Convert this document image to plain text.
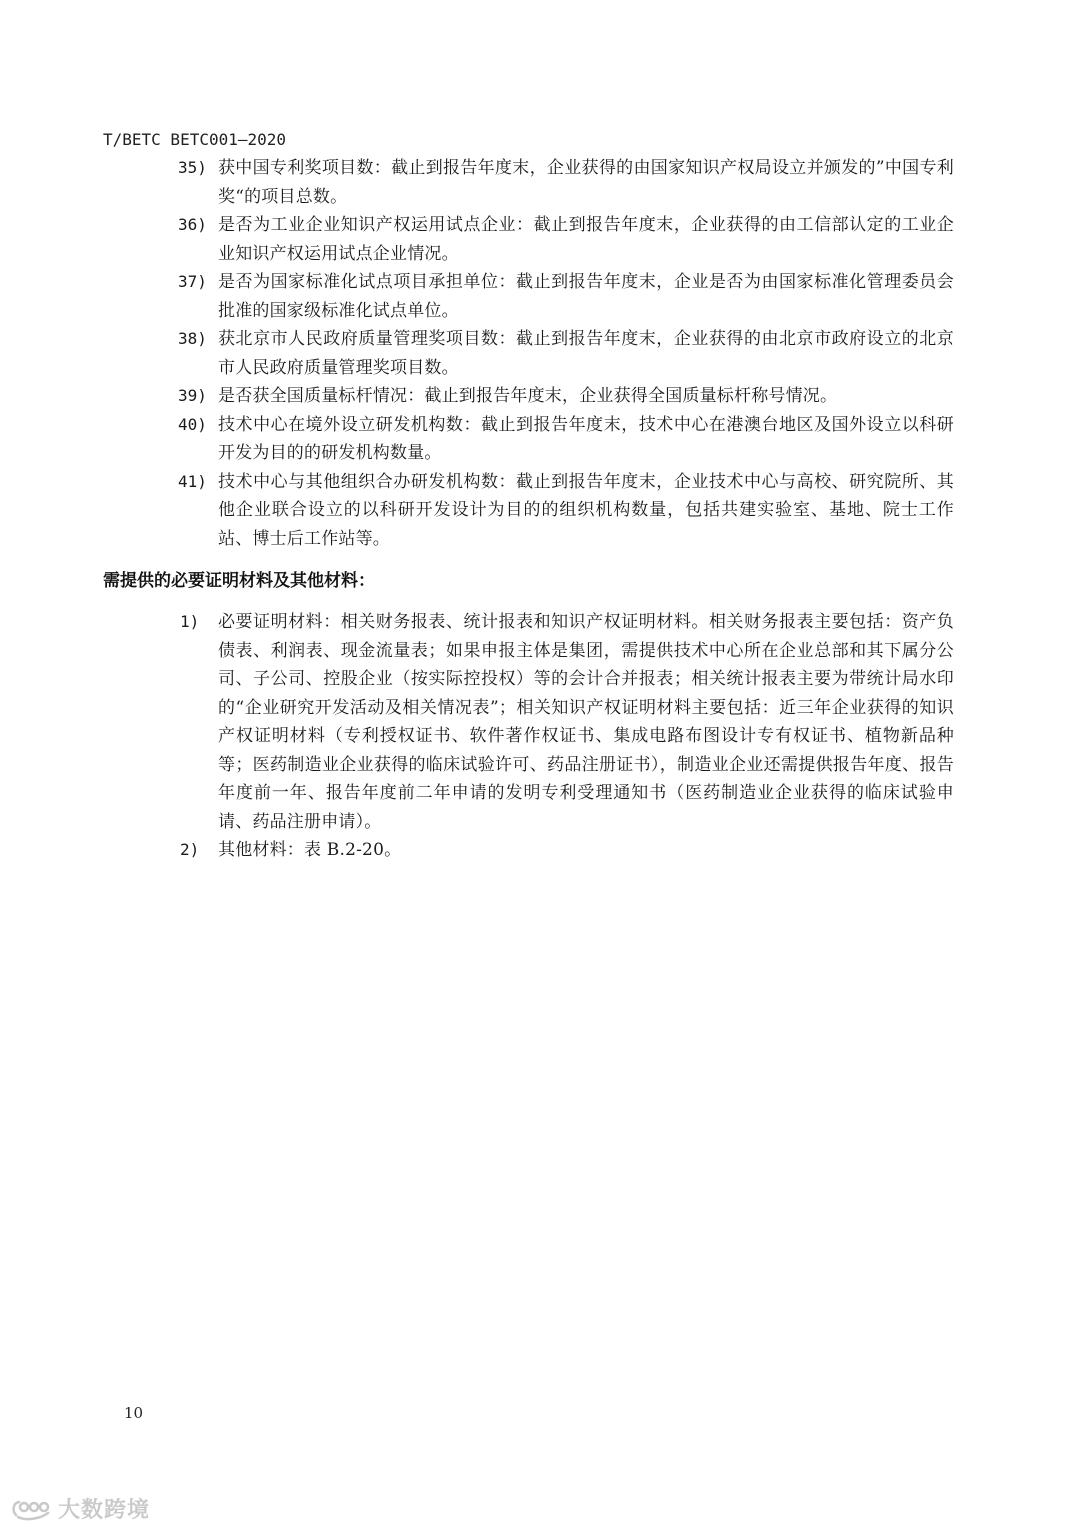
T/BETC BETC001—2020
35) 获中国专利奖项目数：截止到报告年度末，企业获得的由国家知识产权局设立并颁发的”中国专利奖“的项目总数。
36) 是否为工业企业知识产权运用试点企业：截止到报告年度末，企业获得的由工信部认定的工业企业知识产权运用试点企业情况。
37) 是否为国家标准化试点项目承担单位：截止到报告年度末，企业是否为由国家标准化管理委员会批准的国家级标准化试点单位。
38) 获北京市人民政府质量管理奖项目数：截止到报告年度末，企业获得的由北京市政府设立的北京市人民政府质量管理奖项目数。
39) 是否获全国质量标杆情况：截止到报告年度末，企业获得全国质量标杆称号情况。
40) 技术中心在境外设立研发机构数：截止到报告年度末，技术中心在港澳台地区及国外设立以科研开发为目的的研发机构数量。
41) 技术中心与其他组织合办研发机构数：截止到报告年度末，企业技术中心与高校、研究院所、其他企业联合设立的以科研开发设计为目的的组织机构数量，包括共建实验室、基地、院士工作站、博士后工作站等。
需提供的必要证明材料及其他材料：
1) 必要证明材料：相关财务报表、统计报表和知识产权证明材料。相关财务报表主要包括：资产负债表、利润表、现金流量表；如果申报主体是集团，需提供技术中心所在企业总部和其下属分公司、子公司、控股企业（按实际控投权）等的会计合并报表；相关统计报表主要为带统计局水印的“企业研究开发活动及相关情况表”；相关知识产权证明材料主要包括：近三年企业获得的知识产权证明材料（专利授权证书、软件著作权证书、集成电路布图设计专有权证书、植物新品种等；医药制造业企业获得的临床试验许可、药品注册证书），制造业企业还需提供报告年度、报告年度前一年、报告年度前二年申请的发明专利受理通知书（医药制造业企业获得的临床试验申请、药品注册申请）。
2) 其他材料：表 B.2-20。
10
大数跨境
